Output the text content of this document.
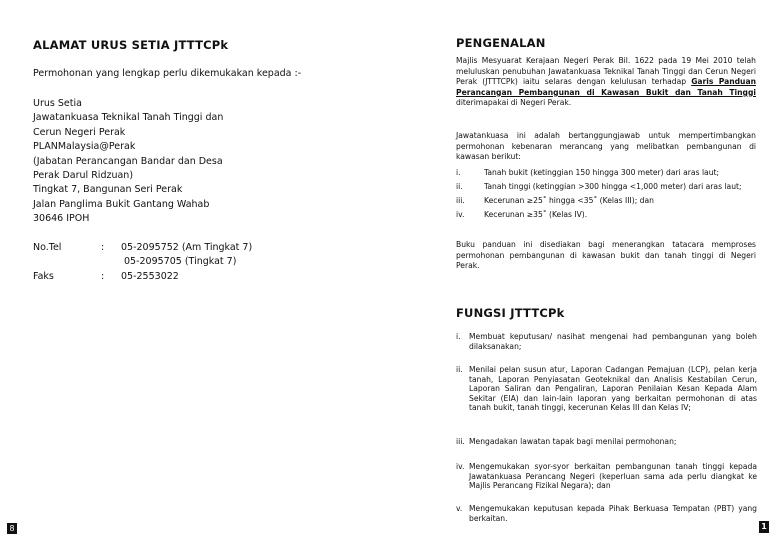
ALAMAT URUS SETIA JTTTCPk
Permohonan yang lengkap perlu dikemukakan kepada :-
Urus Setia
Jawatankuasa Teknikal Tanah Tinggi dan
Cerun Negeri Perak
PLANMalaysia@Perak
(Jabatan Perancangan Bandar dan Desa
Perak Darul Ridzuan)
Tingkat 7, Bangunan Seri Perak
Jalan Panglima Bukit Gantang Wahab
30646 IPOH
No.Tel	: 05-2095752 (Am Tingkat 7)
05-2095705 (Tingkat 7)
Faks	: 05-2553022
8
PENGENALAN
Majlis Mesyuarat Kerajaan Negeri Perak Bil. 1622 pada 19 Mei 2010 telah meluluskan penubuhan Jawatankuasa Teknikal Tanah Tinggi dan Cerun Negeri Perak (JTTTCPk) iaitu selaras dengan kelulusan terhadap Garis Panduan Perancangan Pembangunan di Kawasan Bukit dan Tanah Tinggi diterimapakai di Negeri Perak.
Jawatankuasa ini adalah bertanggungjawab untuk mempertimbangkan permohonan kebenaran merancang yang melibatkan pembangunan di kawasan berikut:
i.	Tanah bukit (ketinggian 150 hingga 300 meter) dari aras laut;
ii.	Tanah tinggi (ketinggian >300 hingga <1,000 meter) dari aras laut;
iii.	Kecerunan ≥25˚ hingga <35˚ (Kelas III); dan
iv.	Kecerunan ≥35˚ (Kelas IV).
Buku panduan ini disediakan bagi menerangkan tatacara memproses permohonan pembangunan di kawasan bukit dan tanah tinggi di Negeri Perak.
FUNGSI JTTTCPk
i. Membuat keputusan/ nasihat mengenai had pembangunan yang boleh dilaksanakan;
ii. Menilai pelan susun atur, Laporan Cadangan Pemajuan (LCP), pelan kerja tanah, Laporan Penyiasatan Geoteknikal dan Analisis Kestabilan Cerun, Laporan Saliran dan Pengaliran, Laporan Penilaian Kesan Kepada Alam Sekitar (EIA) dan lain-lain laporan yang berkaitan permohonan di atas tanah bukit, tanah tinggi, kecerunan Kelas III dan Kelas IV;
iii. Mengadakan lawatan tapak bagi menilai permohonan;
iv. Mengemukakan syor-syor berkaitan pembangunan tanah tinggi kepada Jawatankuasa Perancang Negeri (keperluan sama ada perlu diangkat ke Majlis Perancang Fizikal Negara); dan
v. Mengemukakan keputusan kepada Pihak Berkuasa Tempatan (PBT) yang berkaitan.
1
